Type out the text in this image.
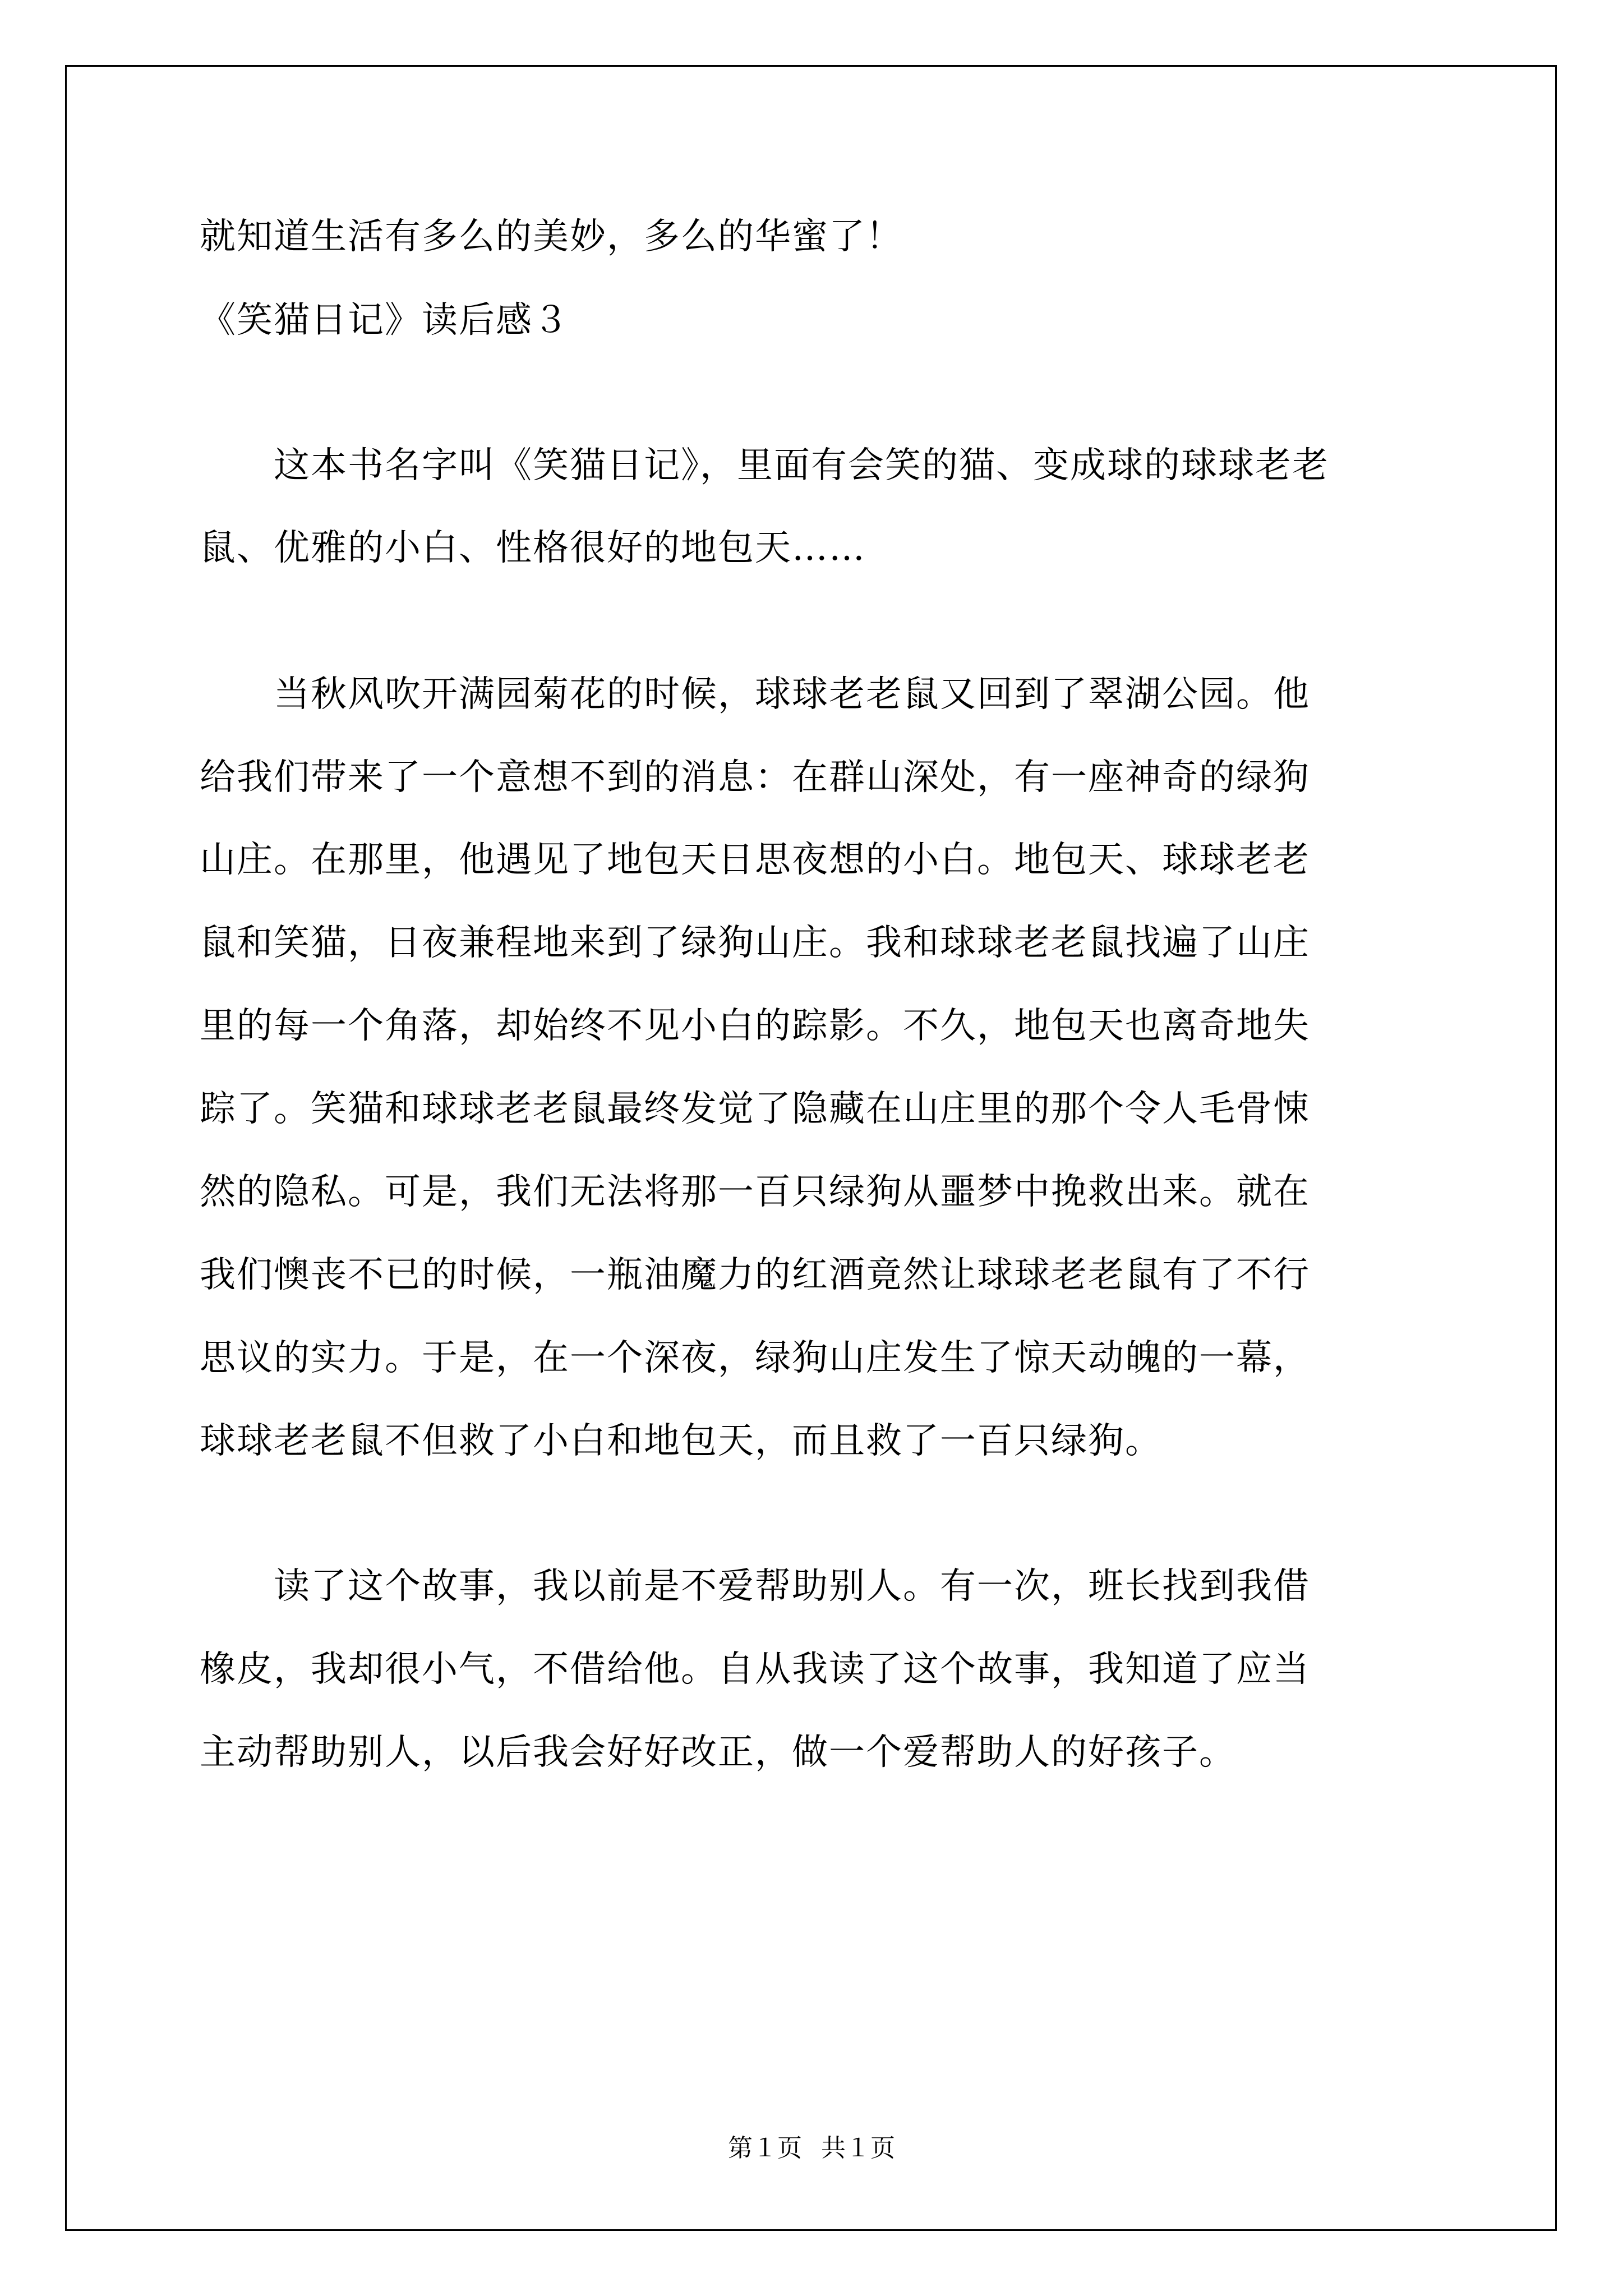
就知道生活有多么的美妙，多么的华蜜了！
《笑猫日记》读后感３
　　这本书名字叫《笑猫日记》，里面有会笑的猫、变成球的球球老老
鼠、优雅的小白、性格很好的地包天……
　　当秋风吹开满园菊花的时候，球球老老鼠又回到了翠湖公园。他
给我们带来了一个意想不到的消息：在群山深处，有一座神奇的绿狗
山庄。在那里，他遇见了地包天日思夜想的小白。地包天、球球老老
鼠和笑猫，日夜兼程地来到了绿狗山庄。我和球球老老鼠找遍了山庄
里的每一个角落，却始终不见小白的踪影。不久，地包天也离奇地失
踪了。笑猫和球球老老鼠最终发觉了隐藏在山庄里的那个令人毛骨悚
然的隐私。可是，我们无法将那一百只绿狗从噩梦中挽救出来。就在
我们懊丧不已的时候，一瓶油魔力的红酒竟然让球球老老鼠有了不行
思议的实力。于是，在一个深夜，绿狗山庄发生了惊天动魄的一幕，
球球老老鼠不但救了小白和地包天，而且救了一百只绿狗。
　　读了这个故事，我以前是不爱帮助别人。有一次，班长找到我借
橡皮，我却很小气，不借给他。自从我读了这个故事，我知道了应当
主动帮助别人，以后我会好好改正，做一个爱帮助人的好孩子。
第１页 共１页
